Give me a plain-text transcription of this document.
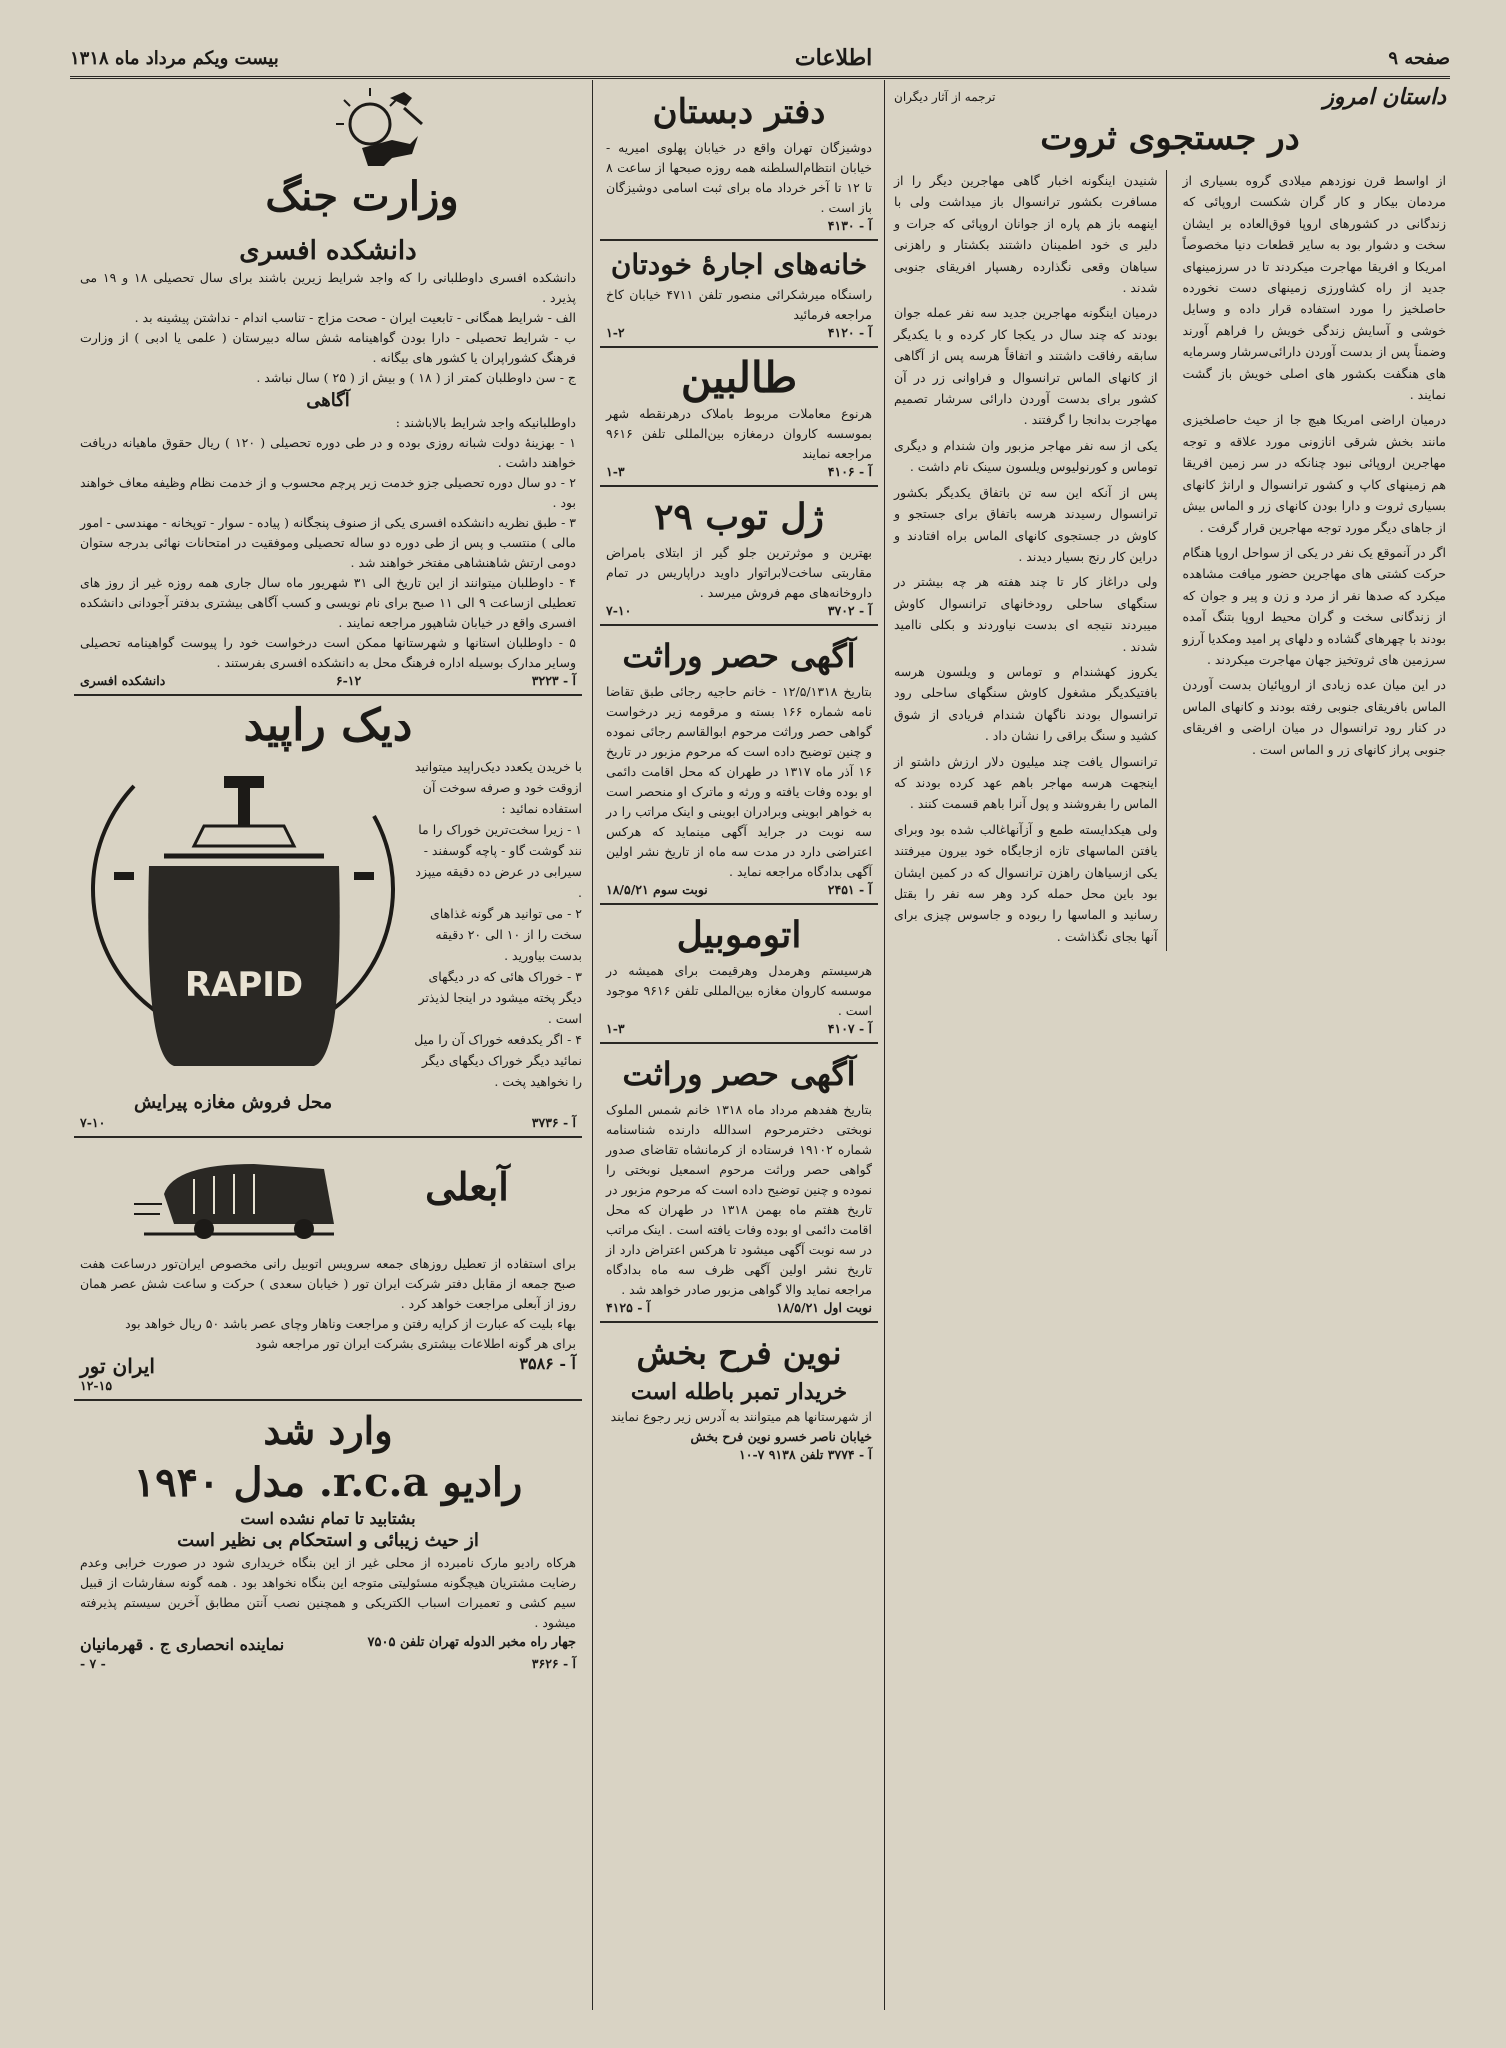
صفحه ۹
اطلاعات
بیست ویکم مرداد ماه ۱۳۱۸
داستان امروز
ترجمه از آثار دیگران
در جستجوی ثروت

از اواسط قرن نوزدهم میلادی گروه بسیاری از مردمان بیکار و کار گران شکست اروپائی که زندگانی در کشورهای اروپا فوق‌العاده بر ایشان سخت و دشوار بود به سایر قطعات دنیا مخصوصاً امریکا و افریقا مهاجرت میکردند تا در سرزمینهای جدید از راه کشاورزی زمینهای دست نخورده حاصلخیز را مورد استفاده قرار داده و وسایل خوشی و آسایش زندگی خویش را فراهم آورند وضمناً پس از بدست آوردن دارائی‌سرشار وسرمایه های هنگفت بکشور های اصلی خویش باز گشت نمایند .

درمیان اراضی امریکا هیچ جا از حیث حاصلخیزی مانند بخش شرقی انازونی مورد علاقه و توجه مهاجرین اروپائی نبود چنانکه در سر زمین افریقا هم زمینهای کاپ و کشور ترانسوال و ارانژ کانهای بسیاری ثروت و دارا بودن کانهای زر و الماس بیش از جاهای دیگر مورد توجه مهاجرین قرار گرفت .

اگر در آنموقع یک نفر در یکی از سواحل اروپا هنگام حرکت کشتی های مهاجرین حضور میافت مشاهده میکرد که صدها نفر از مرد و زن و پیر و جوان که از زندگانی سخت و گران محیط اروپا بتنگ آمده بودند با چهرهای گشاده و دلهای پر امید ومکدیا آرزو سرزمین های ثروتخیز جهان مهاجرت میکردند .

در این میان عده زیادی از اروپائیان بدست آوردن الماس بافریقای جنوبی رفته بودند و کانهای الماس در کنار رود ترانسوال در میان اراضی و افریقای جنوبی پراز کانهای زر و الماس است .

شنیدن اینگونه اخبار گاهی مهاجرین دیگر را از مسافرت بکشور ترانسوال باز میداشت ولی با اینهمه باز هم پاره از جوانان اروپائی که جرات و دلیر ی خود اطمینان داشتند بکشتار و راهزنی سیاهان وقعی نگذارده رهسپار افریقای جنوبی شدند .

درمیان اینگونه مهاجرین جدید سه نفر عمله جوان بودند که چند سال در یکجا کار کرده و با یکدیگر سابقه رفاقت داشتند و اتفاقاً هرسه پس از آگاهی از کانهای الماس ترانسوال و فراوانی زر در آن کشور برای بدست آوردن دارائی سرشار تصمیم مهاجرت بدانجا را گرفتند .

یکی از سه نفر مهاجر مزبور وان شندام و دیگری توماس و کورنولیوس ویلسون سینک نام داشت .

پس از آنکه این سه تن باتفاق یکدیگر بکشور ترانسوال رسیدند هرسه باتفاق برای جستجو و کاوش در جستجوی کانهای الماس براه افتادند و دراین کار رنج بسیار دیدند .

ولی دراغاز کار تا چند هفته هر چه بیشتر در سنگهای ساحلی رودخانهای ترانسوال کاوش میبردند نتیجه ای بدست نیاوردند و بکلی ناامید شدند .

یکروز کهشندام و توماس و ویلسون هرسه بافتیکدیگر مشغول کاوش سنگهای ساحلی رود ترانسوال بودند ناگهان شندام فریادی از شوق کشید و سنگ براقی را نشان داد .

ترانسوال یافت چند میلیون دلار ارزش داشتو از اینجهت هرسه مهاجر باهم عهد کرده بودند که الماس را بفروشند و پول آنرا باهم قسمت کنند .

ولی هیکدایسته طمع و آزآنهاغالب شده بود وبرای یافتن الماسهای تازه ازجایگاه خود بیرون میرفتند یکی ازسیاهان راهزن ترانسوال که در کمین ایشان بود باین محل حمله کرد وهر سه نفر را بقتل رسانید و الماسها را ربوده و جاسوس چیزی برای آنها بجای نگذاشت .

دفتر دبستان
دوشیزگان تهران واقع در خیابان پهلوی امیریه - خیابان انتظام‌السلطنه همه روزه صبحها از ساعت ۸ تا ۱۲ تا آخر خرداد ماه برای ثبت اسامی دوشیزگان باز است .
آ - ۴۱۳۰
خانه‌های اجارهٔ خودتان
راسنگاه میرشکرائی منصور تلفن ۴۷۱۱ خیابان کاخ مراجعه فرمائید
آ - ۴۱۲۰
۱-۲
طالبین
هرنوع معاملات مربوط باملاک درهرنقطه شهر بموسسه کاروان درمغازه بین‌المللی تلفن ۹۶۱۶ مراجعه نمایند
آ - ۴۱۰۶
۱-۳
ژل توب ۲۹
بهترین و موثرترین جلو گیر از ابتلای بامراض مقاربتی ساخت‌لابراتوار داوید دراپاریس در تمام داروخانه‌های مهم فروش میرسد .
آ - ۳۷۰۲
۷-۱۰
آگهی حصر وراثت
بتاریخ ۱۲/۵/۱۳۱۸ - خانم حاجیه رجائی طبق تقاضا نامه شماره ۱۶۶ بسته و مرقومه زیر درخواست گواهی حصر وراثت مرحوم ابوالقاسم رجائی نموده و چنین توضیح داده است که مرحوم مزبور در تاریخ ۱۶ آذر ماه ۱۳۱۷ در طهران که محل اقامت دائمی او بوده وفات یافته و ورثه و ماترک او منحصر است به خواهر ابوینی وبرادران ابوینی و اینک مراتب را در سه نوبت در جراید آگهی مینماید که هرکس اعتراضی دارد در مدت سه ماه از تاریخ نشر اولین آگهی بدادگاه مراجعه نماید .
آ - ۲۴۵۱
نوبت سوم ۱۸/۵/۲۱
اتوموبیل
هرسیستم وهرمدل وهرقیمت برای همیشه در موسسه کاروان مغازه بین‌المللی تلفن ۹۶۱۶ موجود است .
آ - ۴۱۰۷
۱-۳
آگهی حصر وراثت
بتاریخ هفدهم مرداد ماه ۱۳۱۸ خانم شمس الملوک نوبختی دخترمرحوم اسدالله دارنده شناسنامه شماره ۱۹۱۰۲ فرستاده از کرمانشاه تقاضای صدور گواهی حصر وراثت مرحوم اسمعیل نوبختی را نموده و چنین توضیح داده است که مرحوم مزبور در تاریخ هفتم ماه بهمن ۱۳۱۸ در طهران که محل اقامت دائمی او بوده وفات یافته است . اینک مراتب در سه نوبت آگهی میشود تا هرکس اعتراض دارد از تاریخ نشر اولین آگهی ظرف سه ماه بدادگاه مراجعه نماید والا گواهی مزبور صادر خواهد شد .
نوبت اول ۱۸/۵/۲۱
آ - ۴۱۲۵
نوین فرح بخش
خریدار تمبر باطله است
از شهرستانها هم میتوانند به آدرس زیر رجوع نمایند
خیابان ناصر خسرو نوین فرح بخش
آ - ۳۷۷۴ تلفن ۹۱۳۸ ۷-۱۰
وزارت جنگ
دانشکده افسری
دانشکده افسری داوطلبانی را که واجد شرایط زیرین باشند برای سال تحصیلی ۱۸ و ۱۹ می پذیرد .
الف - شرایط همگانی - تابعیت ایران - صحت مزاج - تناسب اندام - نداشتن پیشینه بد .
ب - شرایط تحصیلی - دارا بودن گواهینامه شش ساله دبیرستان ( علمی یا ادبی ) از وزارت فرهنگ کشوراپران یا کشور های بیگانه .
ج - سن داوطلبان کمتر از ( ۱۸ ) و بیش از ( ۲۵ ) سال نباشد .
آگاهی
داوطلبانیکه واجد شرایط بالاباشند :
۱ - بهزینهٔ دولت شبانه روزی بوده و در طی دوره تحصیلی ( ۱۲۰ ) ریال حقوق ماهیانه دریافت خواهند داشت .
۲ - دو سال دوره تحصیلی جزو خدمت زیر پرچم محسوب و از خدمت نظام وظیفه معاف خواهند بود .
۳ - طبق نظریه دانشکده افسری یکی از صنوف پنجگانه ( پیاده - سوار - توپخانه - مهندسی - امور مالی ) منتسب و پس از طی دوره دو ساله تحصیلی وموفقیت در امتحانات نهائی بدرجه ستوان دومی ارتش شاهنشاهی مفتخر خواهند شد .
۴ - داوطلبان میتوانند از این تاریخ الی ۳۱ شهریور ماه سال جاری همه روزه غیر از روز های تعطیلی ازساعت ۹ الی ۱۱ صبح برای نام نویسی و کسب آگاهی بیشتری بدفتر آجودانی دانشکده افسری واقع در خیابان شاهپور مراجعه نمایند .
۵ - داوطلبان استانها و شهرستانها ممکن است درخواست خود را پیوست گواهینامه تحصیلی وسایر مدارک بوسیله اداره فرهنگ محل به دانشکده افسری بفرستند .
آ - ۳۲۲۳
۶-۱۲
دانشکده افسری
دیک راپید
با خریدن یکعدد دیک‌راپید میتوانید ازوقت خود و صرفه سوخت آن استفاده نمائید :
۱ - زیرا سخت‌ترین خوراک را ما نند گوشت گاو - پاچه گوسفند - سیرابی در عرض ده دقیقه میپزد .
۲ - می توانید هر گونه غذاهای سخت را از ۱۰ الی ۲۰ دقیقه بدست بیاورید .
۳ - خوراک هائی که در دیگهای دیگر پخته میشود در اینجا لذیذتر است .
۴ - اگر یکدفعه خوراک آن را میل نمائید دیگر خوراک دیگهای دیگر را نخواهید پخت .
RAPID
محل فروش مغازه پیرایش
آ - ۳۷۳۶
۷-۱۰
آبعلی
برای استفاده از تعطیل روزهای جمعه سرویس اتوبیل رانی مخصوص ایران‌تور درساعت هفت صبح جمعه از مقابل دفتر شرکت ایران تور ( خیابان سعدی ) حرکت و ساعت شش عصر همان روز از آبعلی مراجعت خواهد کرد .
بهاء بلیت که عبارت از کرایه رفتن و مراجعت وناهار وچای عصر باشد ۵۰ ریال خواهد بود
برای هر گونه اطلاعات بیشتری بشرکت ایران تور مراجعه شود
آ - ۳۵۸۶
ایران تور
۱۲-۱۵
وارد شد
رادیو r.c.a. مدل ۱۹۴۰
بشتابید تا تمام نشده است
از حیث زیبائی و استحکام بی نظیر است
هرکاه رادیو مارک نامبرده از محلی غیر از این بنگاه خریداری شود در صورت خرابی وعدم رضایت مشتریان هیچگونه مسئولیتی متوجه این بنگاه نخواهد بود . همه گونه سفارشات از قبیل سیم کشی و تعمیرات اسباب الکتریکی و همچنین نصب آنتن مطابق آخرین سیستم پذیرفته میشود .
جهار راه مخبر الدوله تهران تلفن ۷۵۰۵
نماینده انحصاری ج . قهرمانیان
آ - ۳۶۲۶
- ۷ -
